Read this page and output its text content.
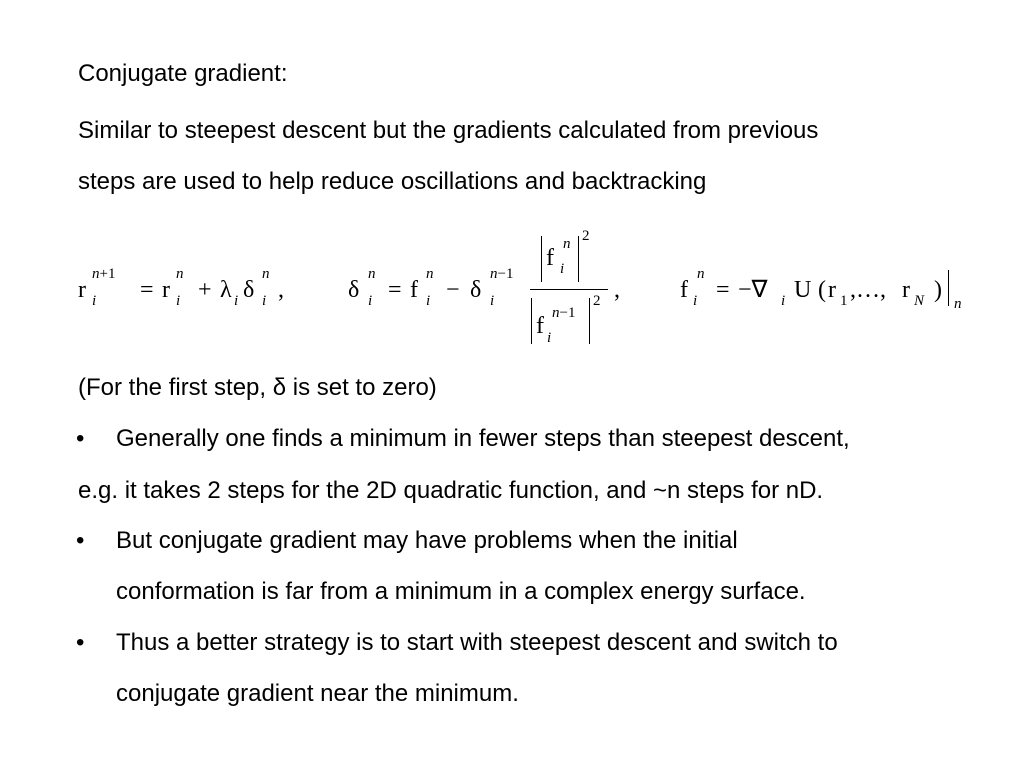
Conjugate gradient:
Similar to steepest descent but the gradients calculated from previous
steps are used to help reduce oscillations and backtracking
r
n+1
i = r
n
i + λ i δ
n
i ,	δ
n
i = f
n
i − δ
n−1
i
f
n
i
2
f n−1
i
2 ,	f
n
i = −∇ i U ( r 1 ,…, r N )
n
(For the first step, δ is set to zero)
• Generally one finds a minimum in fewer steps than steepest descent,
e.g. it takes 2 steps for the 2D quadratic function, and ~n steps for nD.
• But conjugate gradient may have problems when the initial
conformation is far from a minimum in a complex energy surface.
• Thus a better strategy is to start with steepest descent and switch to
conjugate gradient near the minimum.
